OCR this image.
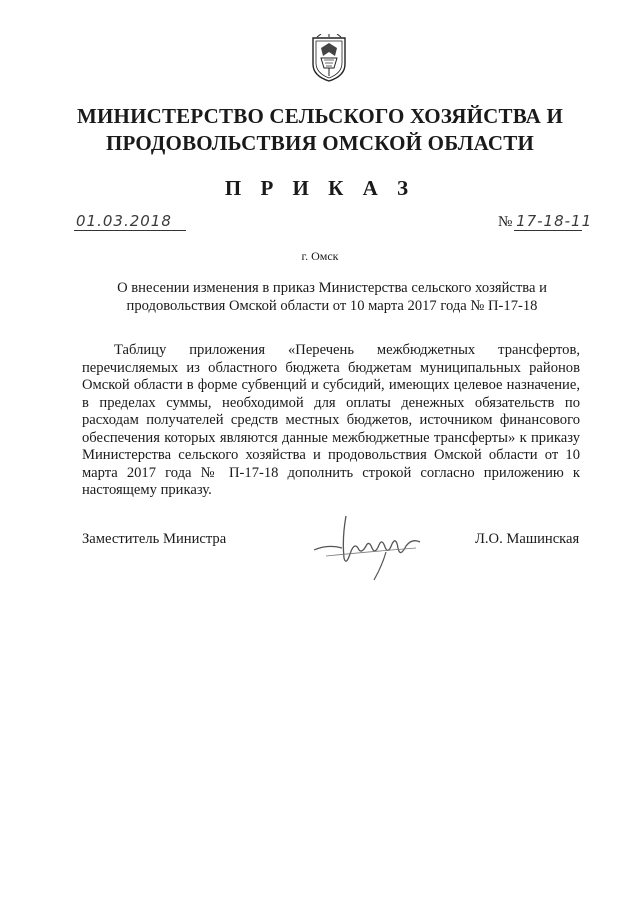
МИНИСТЕРСТВО СЕЛЬСКОГО ХОЗЯЙСТВА И
ПРОДОВОЛЬСТВИЯ ОМСКОЙ ОБЛАСТИ
П Р И К А З
01.03.2018	№ 17-18-11
г. Омск

О внесении изменения в приказ Министерства сельского хозяйства и
продовольствия Омской области от 10 марта 2017 года № П-17-18

Таблицу приложения «Перечень межбюджетных трансфертов, перечисляемых из областного бюджета бюджетам муниципальных районов Омской области в форме субвенций и субсидий, имеющих целевое назначение, в пределах суммы, необходимой для оплаты денежных обязательств по расходам получателей средств местных бюджетов, источником финансового обеспечения которых являются данные межбюджетные трансферты» к приказу Министерства сельского хозяйства и продовольствия Омской области от 10 марта 2017 года № П-17-18 дополнить строкой согласно приложению к настоящему приказу.

Заместитель Министра	Л.О. Машинская
